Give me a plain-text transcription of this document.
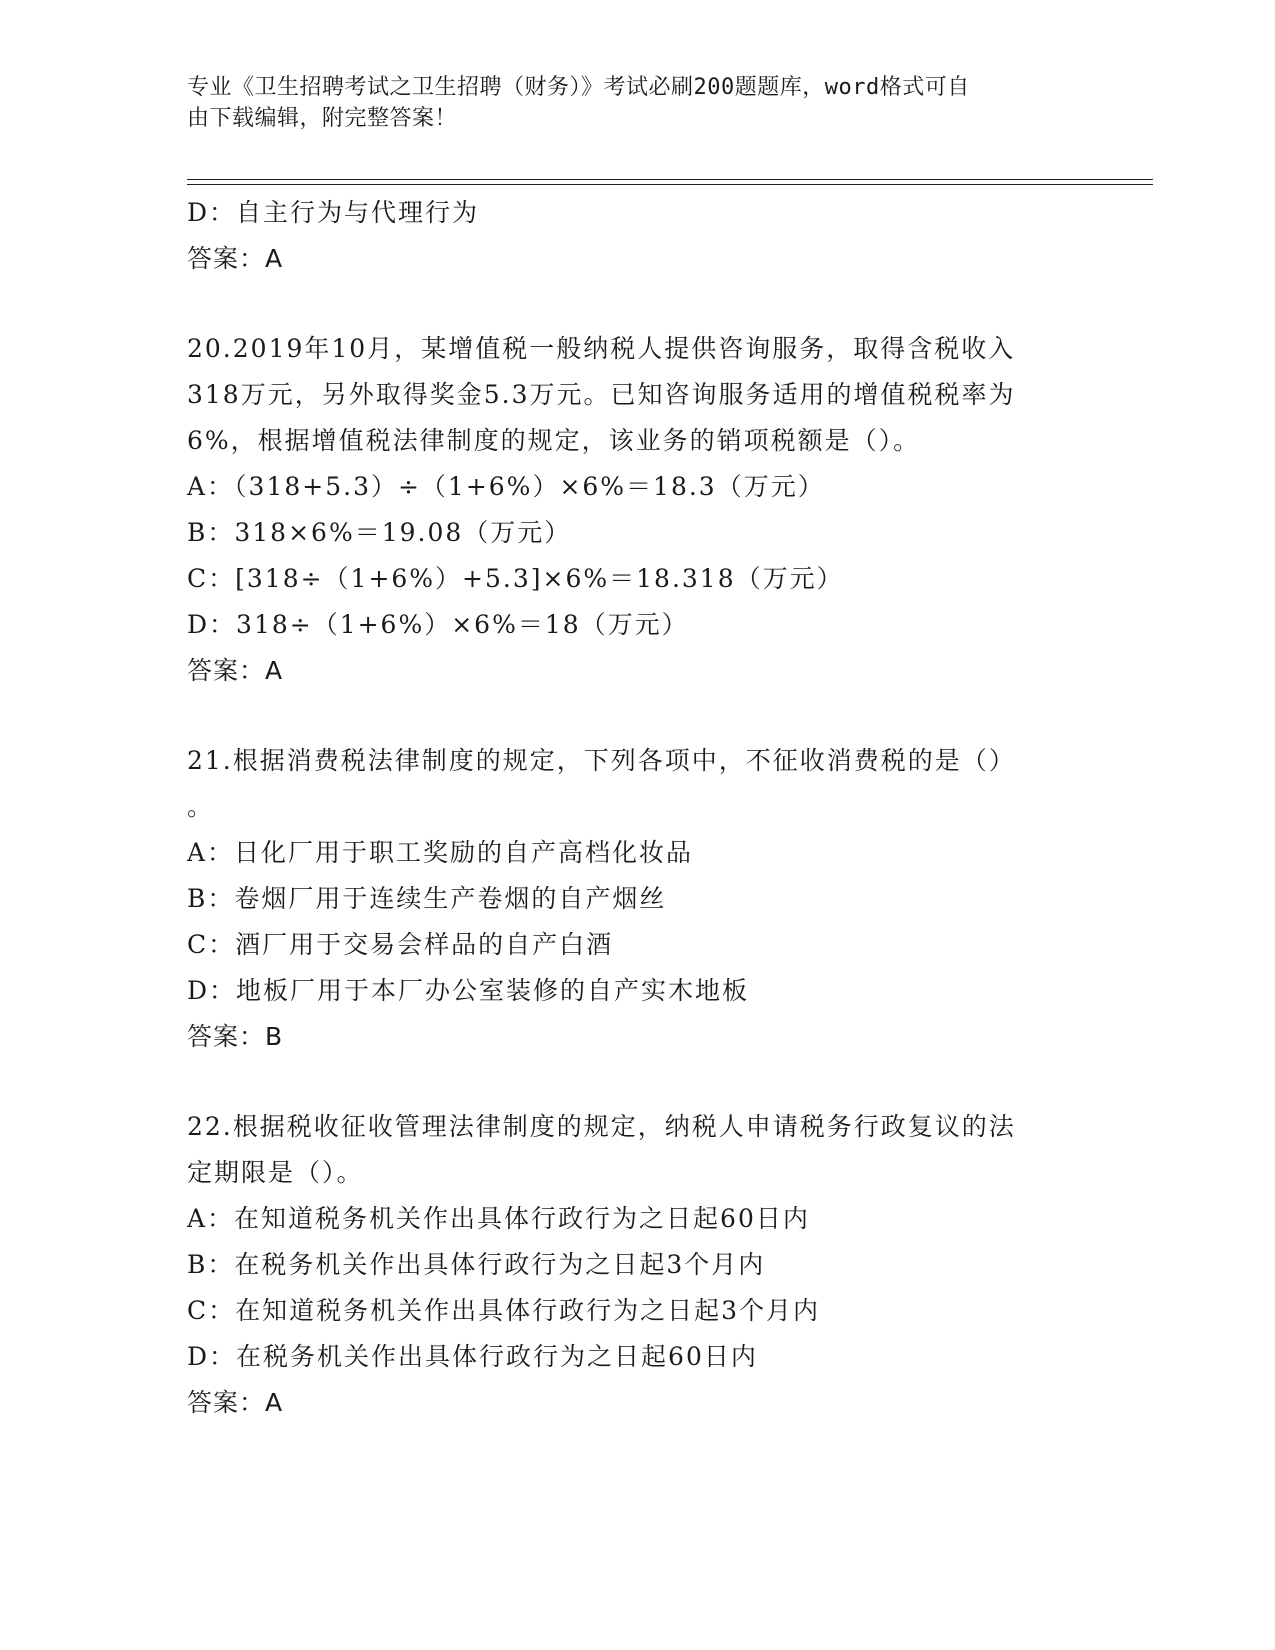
专业《卫生招聘考试之卫生招聘（财务）》考试必刷200题题库，word格式可自
由下载编辑，附完整答案！
D：自主行为与代理行为
答案：A
20.2019年10月，某增值税一般纳税人提供咨询服务，取得含税收入
318万元，另外取得奖金5.3万元。已知咨询服务适用的增值税税率为
6%，根据增值税法律制度的规定，该业务的销项税额是（）。
A：（318+5.3）÷（1+6%）×6%＝18.3（万元）
B：318×6%＝19.08（万元）
C：[318÷（1+6%）+5.3]×6%＝18.318（万元）
D：318÷（1+6%）×6%＝18（万元）
答案：A
21.根据消费税法律制度的规定，下列各项中，不征收消费税的是（）
。
A：日化厂用于职工奖励的自产高档化妆品
B：卷烟厂用于连续生产卷烟的自产烟丝
C：酒厂用于交易会样品的自产白酒
D：地板厂用于本厂办公室装修的自产实木地板
答案：B
22.根据税收征收管理法律制度的规定，纳税人申请税务行政复议的法
定期限是（）。
A：在知道税务机关作出具体行政行为之日起60日内
B：在税务机关作出具体行政行为之日起3个月内
C：在知道税务机关作出具体行政行为之日起3个月内
D：在税务机关作出具体行政行为之日起60日内
答案：A
